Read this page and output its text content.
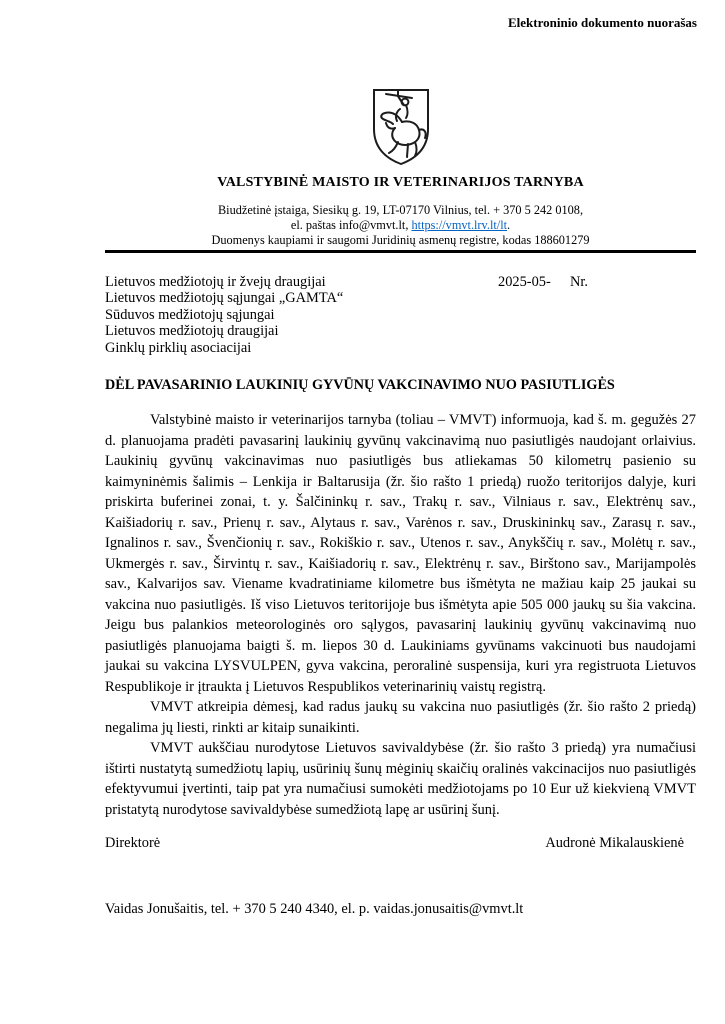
Elektroninio dokumento nuorašas
VALSTYBINĖ MAISTO IR VETERINARIJOS TARNYBA
Biudžetinė įstaiga, Siesikų g. 19, LT-07170 Vilnius, tel. + 370 5 242 0108,
el. paštas info@vmvt.lt, https://vmvt.lrv.lt/lt.
Duomenys kaupiami ir saugomi Juridinių asmenų registre, kodas 188601279
Lietuvos medžiotojų ir žvejų draugijai
Lietuvos medžiotojų sąjungai „GAMTA“
Sūduvos medžiotojų sąjungai
Lietuvos medžiotojų draugijai
Ginklų pirklių asociacijai
2025-05- Nr.
DĖL PAVASARINIO LAUKINIŲ GYVŪNŲ VAKCINAVIMO NUO PASIUTLIGĖS

Valstybinė maisto ir veterinarijos tarnyba (toliau – VMVT) informuoja, kad š. m. gegužės 27 d. planuojama pradėti pavasarinį laukinių gyvūnų vakcinavimą nuo pasiutligės naudojant orlaivius. Laukinių gyvūnų vakcinavimas nuo pasiutligės bus atliekamas 50 kilometrų pasienio su kaimyninėmis šalimis – Lenkija ir Baltarusija (žr. šio rašto 1 priedą) ruožo teritorijos dalyje, kuri priskirta buferinei zonai, t. y. Šalčininkų r. sav., Trakų r. sav., Vilniaus r. sav., Elektrėnų sav., Kaišiadorių r. sav., Prienų r. sav., Alytaus r. sav., Varėnos r. sav., Druskininkų sav., Zarasų r. sav., Ignalinos r. sav., Švenčionių r. sav., Rokiškio r. sav., Utenos r. sav., Anykščių r. sav., Molėtų r. sav., Ukmergės r. sav., Širvintų r. sav., Kaišiadorių r. sav., Elektrėnų r. sav., Birštono sav., Marijampolės sav., Kalvarijos sav. Viename kvadratiniame kilometre bus išmėtyta ne mažiau kaip 25 jaukai su vakcina nuo pasiutligės. Iš viso Lietuvos teritorijoje bus išmėtyta apie 505 000 jaukų su šia vakcina. Jeigu bus palankios meteorologinės oro sąlygos, pavasarinį laukinių gyvūnų vakcinavimą nuo pasiutligės planuojama baigti š. m. liepos 30 d. Laukiniams gyvūnams vakcinuoti bus naudojami jaukai su vakcina LYSVULPEN, gyva vakcina, peroralinė suspensija, kuri yra registruota Lietuvos Respublikoje ir įtraukta į Lietuvos Respublikos veterinarinių vaistų registrą.

VMVT atkreipia dėmesį, kad radus jaukų su vakcina nuo pasiutligės (žr. šio rašto 2 priedą) negalima jų liesti, rinkti ar kitaip sunaikinti.

VMVT aukščiau nurodytose Lietuvos savivaldybėse (žr. šio rašto 3 priedą) yra numačiusi ištirti nustatytą sumedžiotų lapių, usūrinių šunų mėginių skaičių oralinės vakcinacijos nuo pasiutligės efektyvumui įvertinti, taip pat yra numačiusi sumokėti medžiotojams po 10 Eur už kiekvieną VMVT pristatytą nurodytose savivaldybėse sumedžiotą lapę ar usūrinį šunį.

Direktorė	Audronė Mikalauskienė
Vaidas Jonušaitis, tel. + 370 5 240 4340, el. p. vaidas.jonusaitis@vmvt.lt
